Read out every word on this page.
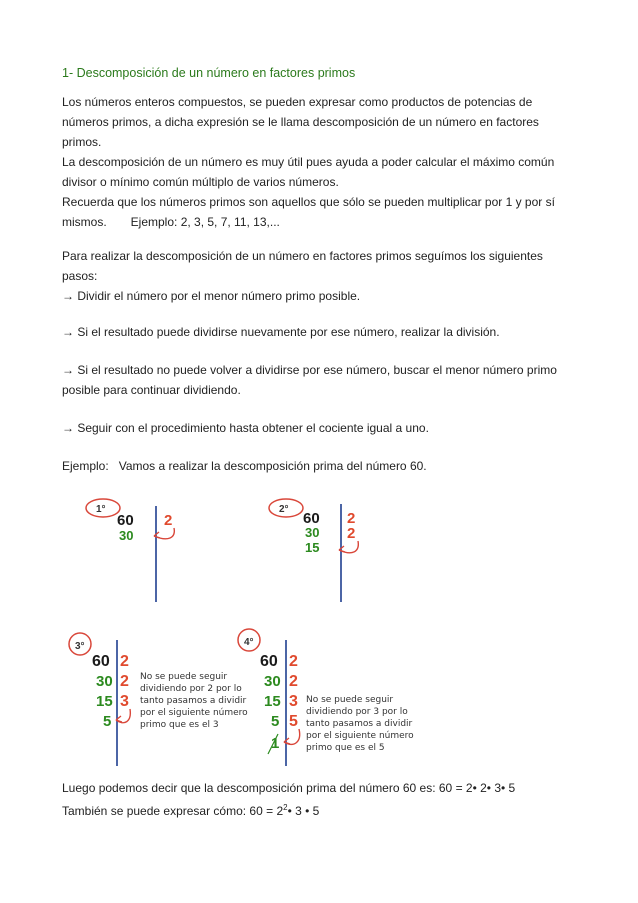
1- Descomposición de un número en factores primos
Los números enteros compuestos, se pueden expresar como productos de potencias de
números primos, a dicha expresión se le llama descomposición de un número en factores
primos.
La descomposición de un número es muy útil pues ayuda a poder calcular el máximo común
divisor o mínimo común múltiplo de varios números.
Recuerda que los números primos son aquellos que sólo se pueden multiplicar por 1 y por sí
mismos. Ejemplo: 2, 3, 5, 7, 11, 13,...
Para realizar la descomposición de un número en factores primos seguímos los siguientes
pasos:
→ Dividir el número por el menor número primo posible.
→ Si el resultado puede dividirse nuevamente por ese número, realizar la división.
→ Si el resultado no puede volver a dividirse por ese número, buscar el menor número primo
posible para continuar dividiendo.
→ Seguir con el procedimiento hasta obtener el cociente igual a uno.
Ejemplo: Vamos a realizar la descomposición prima del número 60.
1°
60
30
2
2°
60
30
15
2
2
3°
60
30
15
5
2
2
3
No se puede seguir
dividiendo por 2 por lo
tanto pasamos a dividir
por el siguiente número
primo que es el 3
4°
60
30
15
5
1
2
2
3
5
No se puede seguir
dividiendo por 3 por lo
tanto pasamos a dividir
por el siguiente número
primo que es el 5
Luego podemos decir que la descomposición prima del número 60 es: 60 = 2• 2• 3• 5
También se puede expresar cómo: $60 = 2^2•$ 3 • 5
